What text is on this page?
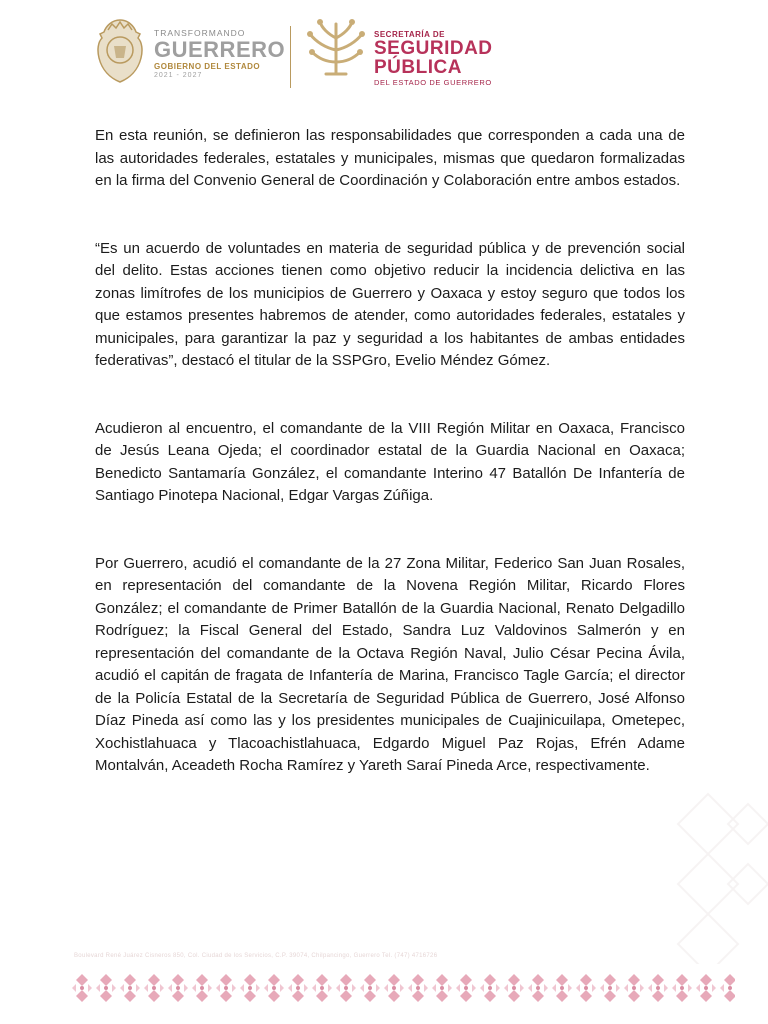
TRANSFORMANDO
GUERRERO
GOBIERNO DEL ESTADO
2021 - 2027
SECRETARÍA DE
SEGURIDAD
PÚBLICA
DEL ESTADO DE GUERRERO

En esta reunión, se definieron las responsabilidades que corresponden a cada una de las autoridades federales, estatales y municipales, mismas que quedaron formalizadas en la firma del Convenio General de Coordinación y Colaboración entre ambos estados.

“Es un acuerdo de voluntades en materia de seguridad pública y de prevención social del delito. Estas acciones tienen como objetivo reducir la incidencia delictiva en las zonas limítrofes de los municipios de Guerrero y Oaxaca y estoy seguro que todos los que estamos presentes habremos de atender, como autoridades federales, estatales y municipales, para garantizar la paz y seguridad a los habitantes de ambas entidades federativas”, destacó el titular de la SSPGro, Evelio Méndez Gómez.

Acudieron al encuentro, el comandante de la VIII Región Militar en Oaxaca, Francisco de Jesús Leana Ojeda; el coordinador estatal de la Guardia Nacional en Oaxaca; Benedicto Santamaría González, el comandante Interino 47 Batallón De Infantería de Santiago Pinotepa Nacional, Edgar Vargas Zúñiga.

Por Guerrero, acudió el comandante de la 27 Zona Militar, Federico San Juan Rosales, en representación del comandante de la Novena Región Militar, Ricardo Flores González; el comandante de Primer Batallón de la Guardia Nacional, Renato Delgadillo Rodríguez; la Fiscal General del Estado, Sandra Luz Valdovinos Salmerón y en representación del comandante de la Octava Región Naval, Julio César Pecina Ávila, acudió el capitán de fragata de Infantería de Marina, Francisco Tagle García; el director de la Policía Estatal de la Secretaría de Seguridad Pública de Guerrero, José Alfonso Díaz Pineda así como las y los presidentes municipales de Cuajinicuilapa, Ometepec, Xochistlahuaca y Tlacoachistlahuaca, Edgardo Miguel Paz Rojas, Efrén Adame Montalván, Aceadeth Rocha Ramírez y Yareth Saraí Pineda Arce, respectivamente.

Boulevard René Juárez Cisneros 850, Col. Ciudad de los Servicios, C.P. 39074, Chilpancingo, Guerrero Tel. (747) 4716726
